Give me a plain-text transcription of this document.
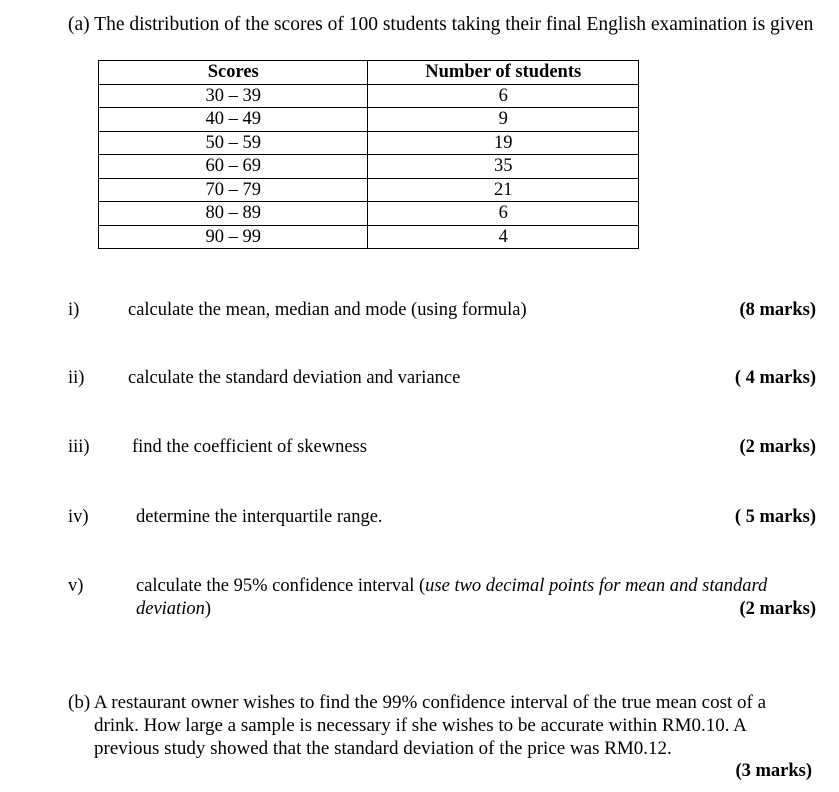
(a) The distribution of the scores of 100 students taking their final English examination is given
Scores	Number of students
30 – 39	6
40 – 49	9
50 – 59	19
60 – 69	35
70 – 79	21
80 – 89	6
90 – 99	4
i)	calculate the mean, median and mode (using formula)	(8 marks)
ii) calculate the standard deviation and variance	( 4 marks)
iii) find the coefficient of skewness	(2 marks)
iv)	determine the interquartile range.	( 5 marks)
v)	calculate the 95% confidence interval (use two decimal points for mean and standard
deviation)	(2 marks)
(b) A restaurant owner wishes to find the 99% confidence interval of the true mean cost of a
drink. How large a sample is necessary if she wishes to be accurate within RM0.10. A
previous study showed that the standard deviation of the price was RM0.12.
(3 marks)
